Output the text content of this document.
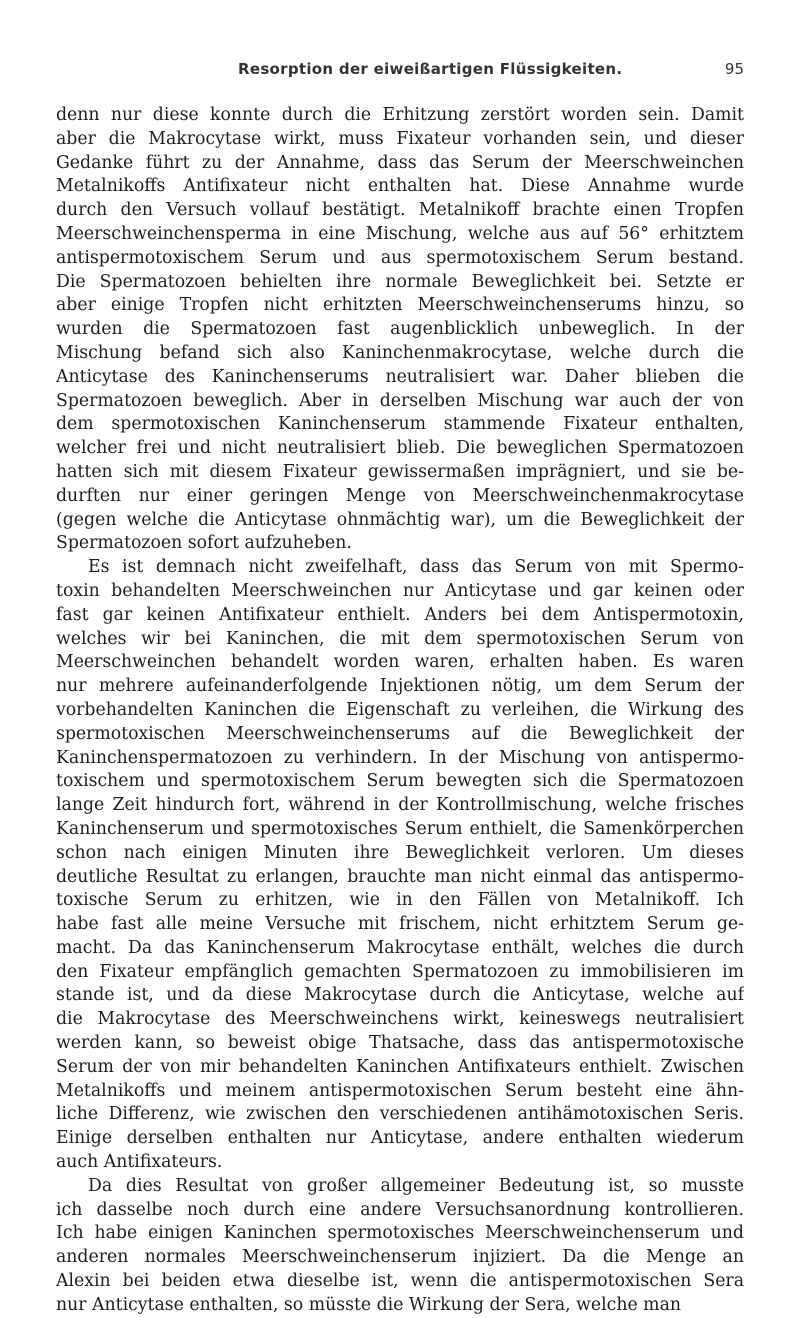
Resorption der eiweißartigen Flüssigkeiten.	95
denn nur diese konnte durch die Erhitzung zerstört worden sein. Damit
aber die Makrocytase wirkt, muss Fixateur vorhanden sein, und dieser
Gedanke führt zu der Annahme, dass das Serum der Meerschweinchen
Metalnikoffs Antifixateur nicht enthalten hat. Diese Annahme wurde
durch den Versuch vollauf bestätigt. Metalnikoff brachte einen Tropfen
Meerschweinchensperma in eine Mischung, welche aus auf 56° erhitztem
antispermotoxischem Serum und aus spermotoxischem Serum bestand.
Die Spermatozoen behielten ihre normale Beweglichkeit bei. Setzte er
aber einige Tropfen nicht erhitzten Meerschweinchenserums hinzu, so
wurden die Spermatozoen fast augenblicklich unbeweglich. In der
Mischung befand sich also Kaninchenmakrocytase, welche durch die
Anticytase des Kaninchenserums neutralisiert war. Daher blieben die
Spermatozoen beweglich. Aber in derselben Mischung war auch der von
dem spermotoxischen Kaninchenserum stammende Fixateur enthalten,
welcher frei und nicht neutralisiert blieb. Die beweglichen Spermatozoen
hatten sich mit diesem Fixateur gewissermaßen imprägniert, und sie be-
durften nur einer geringen Menge von Meerschweinchenmakrocytase
(gegen welche die Anticytase ohnmächtig war), um die Beweglichkeit der
Spermatozoen sofort aufzuheben.
Es ist demnach nicht zweifelhaft, dass das Serum von mit Spermo-
toxin behandelten Meerschweinchen nur Anticytase und gar keinen oder
fast gar keinen Antifixateur enthielt. Anders bei dem Antispermotoxin,
welches wir bei Kaninchen, die mit dem spermotoxischen Serum von
Meerschweinchen behandelt worden waren, erhalten haben. Es waren
nur mehrere aufeinanderfolgende Injektionen nötig, um dem Serum der
vorbehandelten Kaninchen die Eigenschaft zu verleihen, die Wirkung des
spermotoxischen Meerschweinchenserums auf die Beweglichkeit der
Kaninchenspermatozoen zu verhindern. In der Mischung von antispermo-
toxischem und spermotoxischem Serum bewegten sich die Spermatozoen
lange Zeit hindurch fort, während in der Kontrollmischung, welche frisches
Kaninchenserum und spermotoxisches Serum enthielt, die Samenkörperchen
schon nach einigen Minuten ihre Beweglichkeit verloren. Um dieses
deutliche Resultat zu erlangen, brauchte man nicht einmal das antispermo-
toxische Serum zu erhitzen, wie in den Fällen von Metalnikoff. Ich
habe fast alle meine Versuche mit frischem, nicht erhitztem Serum ge-
macht. Da das Kaninchenserum Makrocytase enthält, welches die durch
den Fixateur empfänglich gemachten Spermatozoen zu immobilisieren im
stande ist, und da diese Makrocytase durch die Anticytase, welche auf
die Makrocytase des Meerschweinchens wirkt, keineswegs neutralisiert
werden kann, so beweist obige Thatsache, dass das antispermotoxische
Serum der von mir behandelten Kaninchen Antifixateurs enthielt. Zwischen
Metalnikoffs und meinem antispermotoxischen Serum besteht eine ähn-
liche Differenz, wie zwischen den verschiedenen antihämotoxischen Seris.
Einige derselben enthalten nur Anticytase, andere enthalten wiederum
auch Antifixateurs.
Da dies Resultat von großer allgemeiner Bedeutung ist, so musste
ich dasselbe noch durch eine andere Versuchsanordnung kontrollieren.
Ich habe einigen Kaninchen spermotoxisches Meerschweinchenserum und
anderen normales Meerschweinchenserum injiziert. Da die Menge an
Alexin bei beiden etwa dieselbe ist, wenn die antispermotoxischen Sera
nur Anticytase enthalten, so müsste die Wirkung der Sera, welche man
